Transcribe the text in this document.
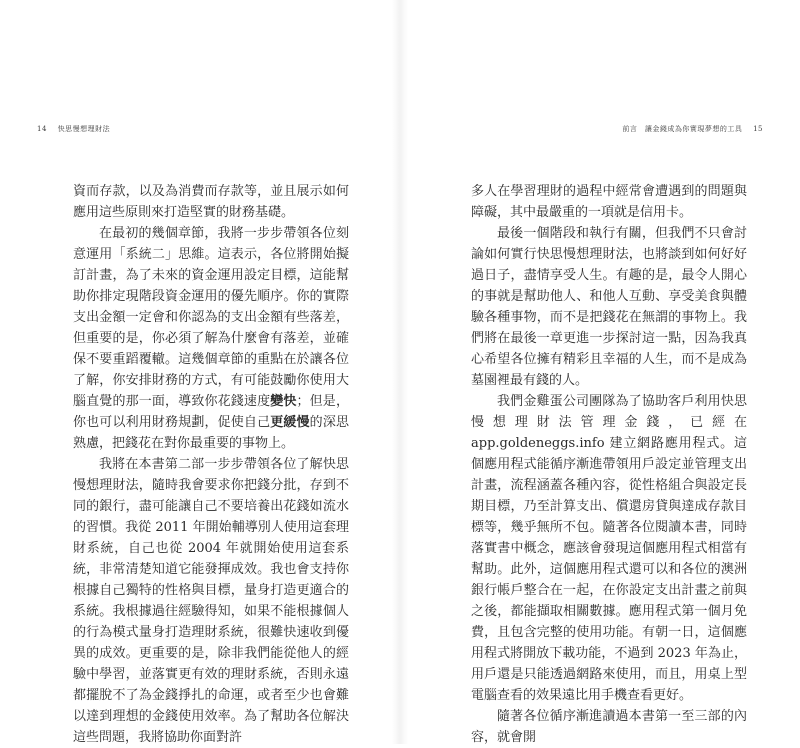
14 快思慢想理財法

資而存款，以及為消費而存款等，並且展示如何應用這些原則來打造堅實的財務基礎。

在最初的幾個章節，我將一步步帶領各位刻意運用「系統二」思維。這表示，各位將開始擬訂計畫，為了未來的資金運用設定目標，這能幫助你排定現階段資金運用的優先順序。你的實際支出金額一定會和你認為的支出金額有些落差，但重要的是，你必須了解為什麼會有落差，並確保不要重蹈覆轍。這幾個章節的重點在於讓各位了解，你安排財務的方式，有可能鼓勵你使用大腦直覺的那一面，導致你花錢速度變快；但是，你也可以利用財務規劃，促使自己更緩慢的深思熟慮，把錢花在對你最重要的事物上。

我將在本書第二部一步步帶領各位了解快思慢想理財法，隨時我會要求你把錢分批，存到不同的銀行，盡可能讓自己不要培養出花錢如流水的習慣。我從 2011 年開始輔導別人使用這套理財系統，自己也從 2004 年就開始使用這套系統，非常清楚知道它能發揮成效。我也會支持你根據自己獨特的性格與目標，量身打造更適合的系統。我根據過往經驗得知，如果不能根據個人的行為模式量身打造理財系統，很難快速收到優異的成效。更重要的是，除非我們能從他人的經驗中學習，並落實更有效的理財系統，否則永遠都擺脫不了為金錢掙扎的命運，或者至少也會難以達到理想的金錢使用效率。為了幫助各位解決這些問題，我將協助你面對許

前言　讓金錢成為你實現夢想的工具 15

多人在學習理財的過程中經常會遭遇到的問題與障礙，其中最嚴重的一項就是信用卡。

最後一個階段和執行有關，但我們不只會討論如何實行快思慢想理財法，也將談到如何好好過日子，盡情享受人生。有趣的是，最令人開心的事就是幫助他人、和他人互動、享受美食與體驗各種事物，而不是把錢花在無謂的事物上。我們將在最後一章更進一步探討這一點，因為我真心希望各位擁有精彩且幸福的人生，而不是成為墓園裡最有錢的人。

我們金雞蛋公司團隊為了協助客戶利用快思慢想理財法管理金錢，已經在 app.goldeneggs.info 建立網路應用程式。這個應用程式能循序漸進帶領用戶設定並管理支出計畫，流程涵蓋各種內容，從性格組合與設定長期目標，乃至計算支出、償還房貸與達成存款目標等，幾乎無所不包。隨著各位閱讀本書，同時落實書中概念，應該會發現這個應用程式相當有幫助。此外，這個應用程式還可以和各位的澳洲銀行帳戶整合在一起，在你設定支出計畫之前與之後，都能擷取相關數據。應用程式第一個月免費，且包含完整的使用功能。有朝一日，這個應用程式將開放下載功能，不過到 2023 年為止，用戶還是只能透過網路來使用，而且，用桌上型電腦查看的效果遠比用手機查看更好。

隨著各位循序漸進讀過本書第一至三部的內容，就會開
